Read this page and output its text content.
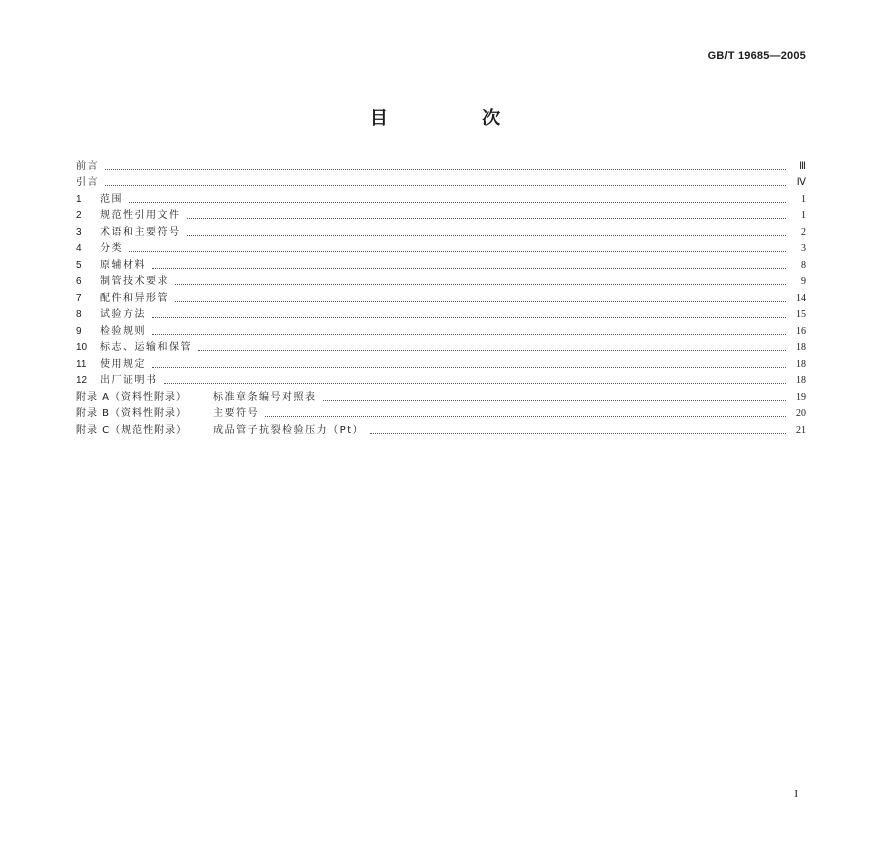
GB/T 19685—2005
目 次
前言	Ⅲ
引言	Ⅳ
1	范围	1
2	规范性引用文件	1
3	术语和主要符号	2
4	分类	3
5	原辅材料	8
6	制管技术要求	9
7	配件和异形管	14
8	试验方法	15
9	检验规则	16
10	标志、运输和保管	18
11	使用规定	18
12	出厂证明书	18
附录 A（资料性附录）	标准章条编号对照表	19
附录 B（资料性附录）	主要符号	20
附录 C（规范性附录）	成品管子抗裂检验压力（Pt）	21
I
